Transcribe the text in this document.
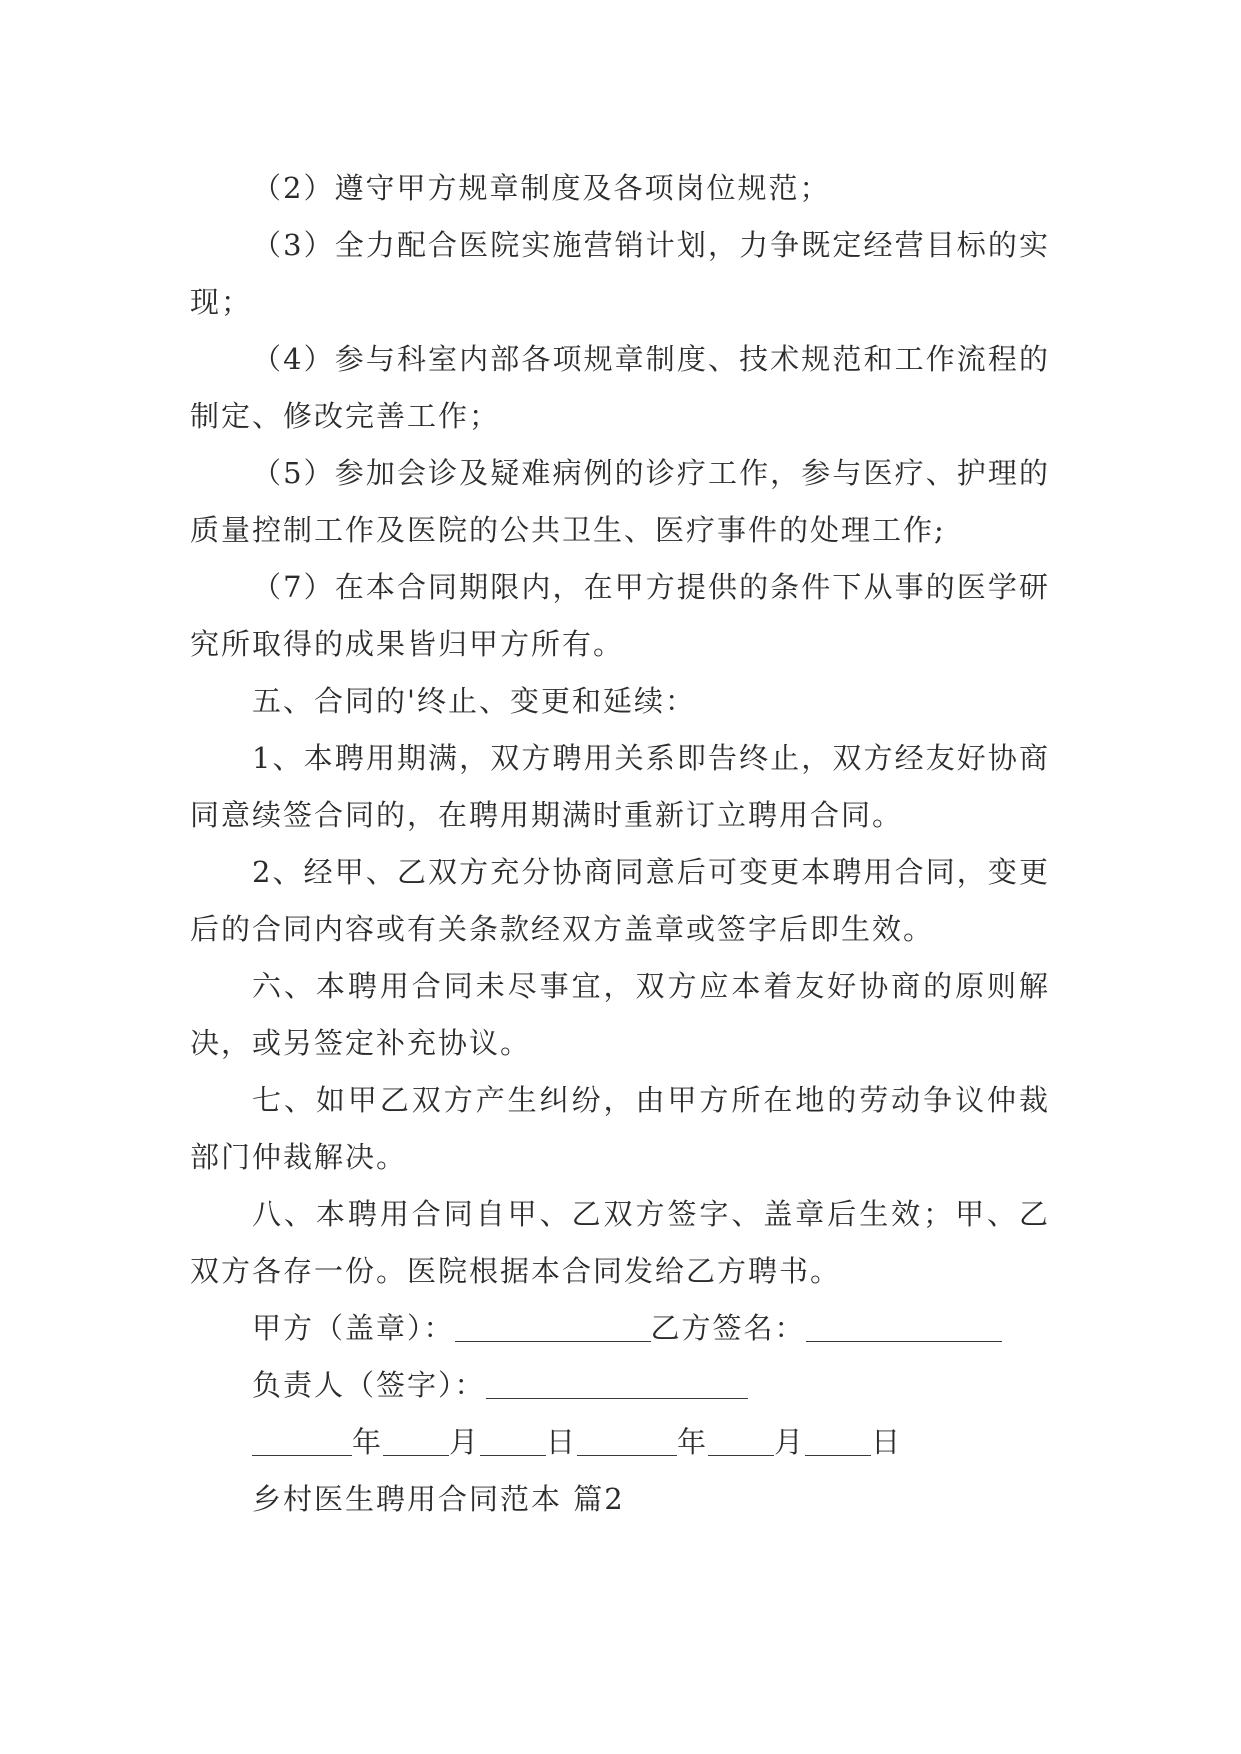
（2）遵守甲方规章制度及各项岗位规范；

（3）全力配合医院实施营销计划，力争既定经营目标的实现；

（4）参与科室内部各项规章制度、技术规范和工作流程的制定、修改完善工作；

（5）参加会诊及疑难病例的诊疗工作，参与医疗、护理的质量控制工作及医院的公共卫生、医疗事件的处理工作;

（7）在本合同期限内，在甲方提供的条件下从事的医学研究所取得的成果皆归甲方所有。

五、合同的'终止、变更和延续：

1、本聘用期满，双方聘用关系即告终止，双方经友好协商同意续签合同的，在聘用期满时重新订立聘用合同。

2、经甲、乙双方充分协商同意后可变更本聘用合同，变更后的合同内容或有关条款经双方盖章或签字后即生效。

六、本聘用合同未尽事宜，双方应本着友好协商的原则解决，或另签定补充协议。

七、如甲乙双方产生纠纷，由甲方所在地的劳动争议仲裁部门仲裁解决。

八、本聘用合同自甲、乙双方签字、盖章后生效；甲、乙双方各存一份。医院根据本合同发给乙方聘书。

甲方（盖章）：	乙方签名：
负责人（签字）：
年 月 日	年 月 日

乡村医生聘用合同范本 篇2
